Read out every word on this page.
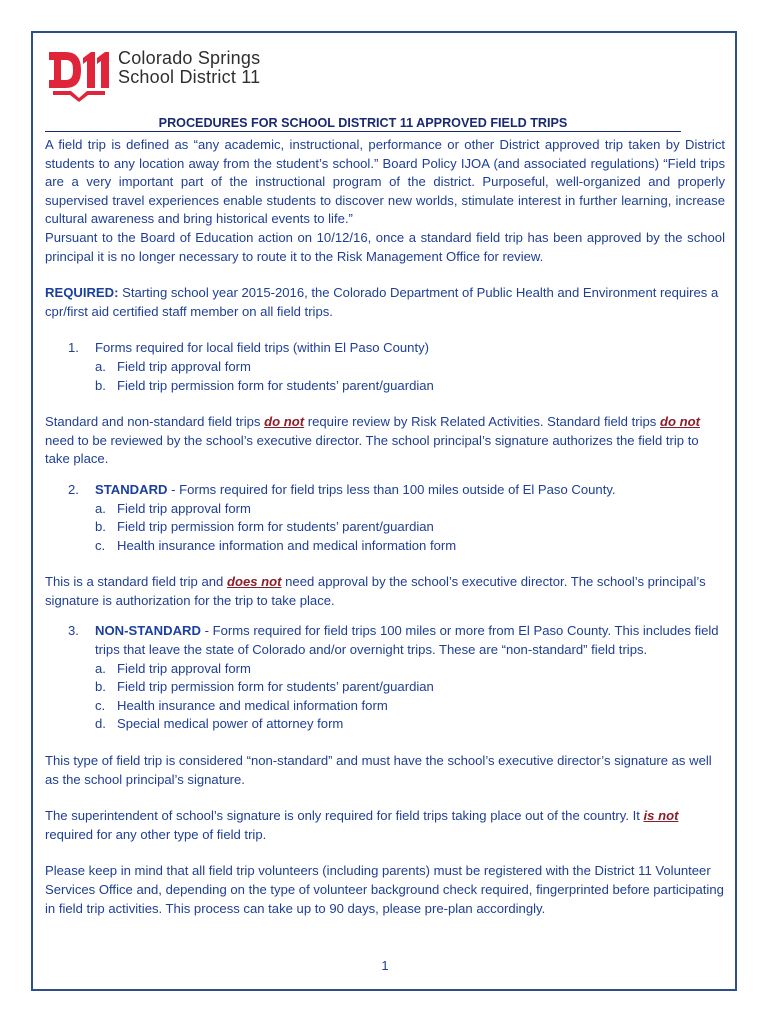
Colorado Springs
School District 11
PROCEDURES FOR SCHOOL DISTRICT 11 APPROVED FIELD TRIPS

A field trip is defined as “any academic, instructional, performance or other District approved trip taken by District students to any location away from the student’s school.” Board Policy IJOA (and associated regulations) “Field trips are a very important part of the instructional program of the district. Purposeful, well-organized and properly supervised travel experiences enable students to discover new worlds, stimulate interest in further learning, increase cultural awareness and bring historical events to life.”

Pursuant to the Board of Education action on 10/12/16, once a standard field trip has been approved by the school principal it is no longer necessary to route it to the Risk Management Office for review.

REQUIRED: Starting school year 2015-2016, the Colorado Department of Public Health and Environment requires a cpr/first aid certified staff member on all field trips.

1. Forms required for local field trips (within El Paso County)
a. Field trip approval form
b. Field trip permission form for students’ parent/guardian

Standard and non-standard field trips do not require review by Risk Related Activities. Standard field trips do not need to be reviewed by the school’s executive director. The school principal’s signature authorizes the field trip to take place.

2. STANDARD - Forms required for field trips less than 100 miles outside of El Paso County.
a. Field trip approval form
b. Field trip permission form for students’ parent/guardian
c. Health insurance information and medical information form

This is a standard field trip and does not need approval by the school’s executive director. The school’s principal’s signature is authorization for the trip to take place.

3. NON-STANDARD - Forms required for field trips 100 miles or more from El Paso County. This includes field trips that leave the state of Colorado and/or overnight trips. These are “non-standard” field trips.
a. Field trip approval form
b. Field trip permission form for students’ parent/guardian
c. Health insurance and medical information form
d. Special medical power of attorney form

This type of field trip is considered “non-standard” and must have the school’s executive director’s signature as well as the school principal’s signature.

The superintendent of school’s signature is only required for field trips taking place out of the country. It is not required for any other type of field trip.

Please keep in mind that all field trip volunteers (including parents) must be registered with the District 11 Volunteer Services Office and, depending on the type of volunteer background check required, fingerprinted before participating in field trip activities. This process can take up to 90 days, please pre-plan accordingly.

1
